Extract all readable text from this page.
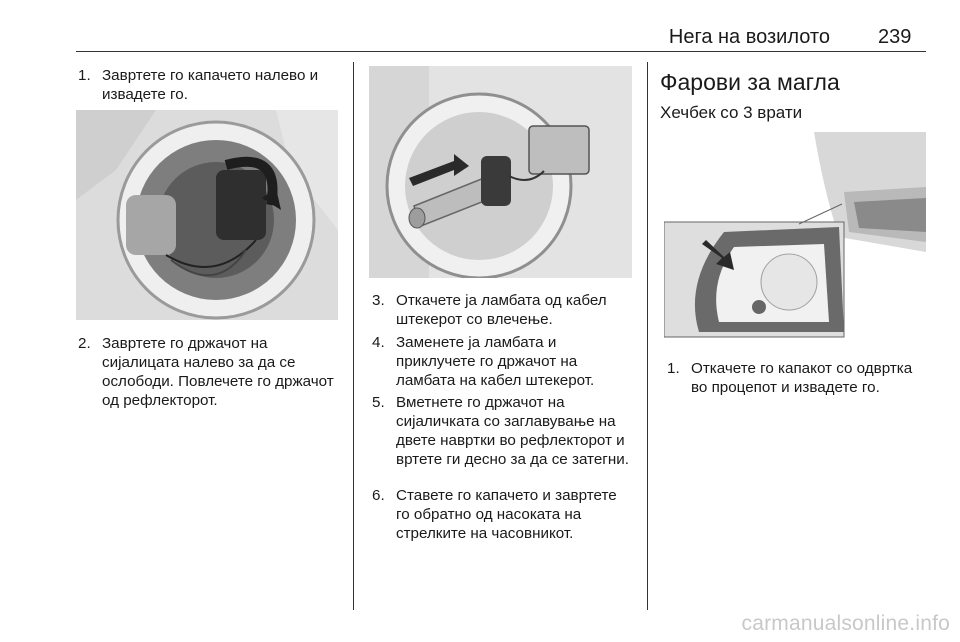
Нега на возилото 239
1. Завртете го капачето налево и извадете го.
2. Завртете го држачот на сијалицата налево за да се ослободи. Повлечете го држачот од рефлекторот.
3. Откачете ја ламбата од кабел штекерот со влечење.
4. Заменете ја ламбата и приклучете го држачот на ламбата на кабел штекерот.
5. Вметнете го држачот на сијаличката со заглавување на двете навртки во рефлекторот и вртете ги десно за да се затегни.
6. Ставете го капачето и завртете го обратно од насоката на стрелките на часовникот.
Фарови за магла
Хечбек со 3 врати
1. Откачете го капакот со одвртка во процепот и извадете го.
carmanualsonline.info
